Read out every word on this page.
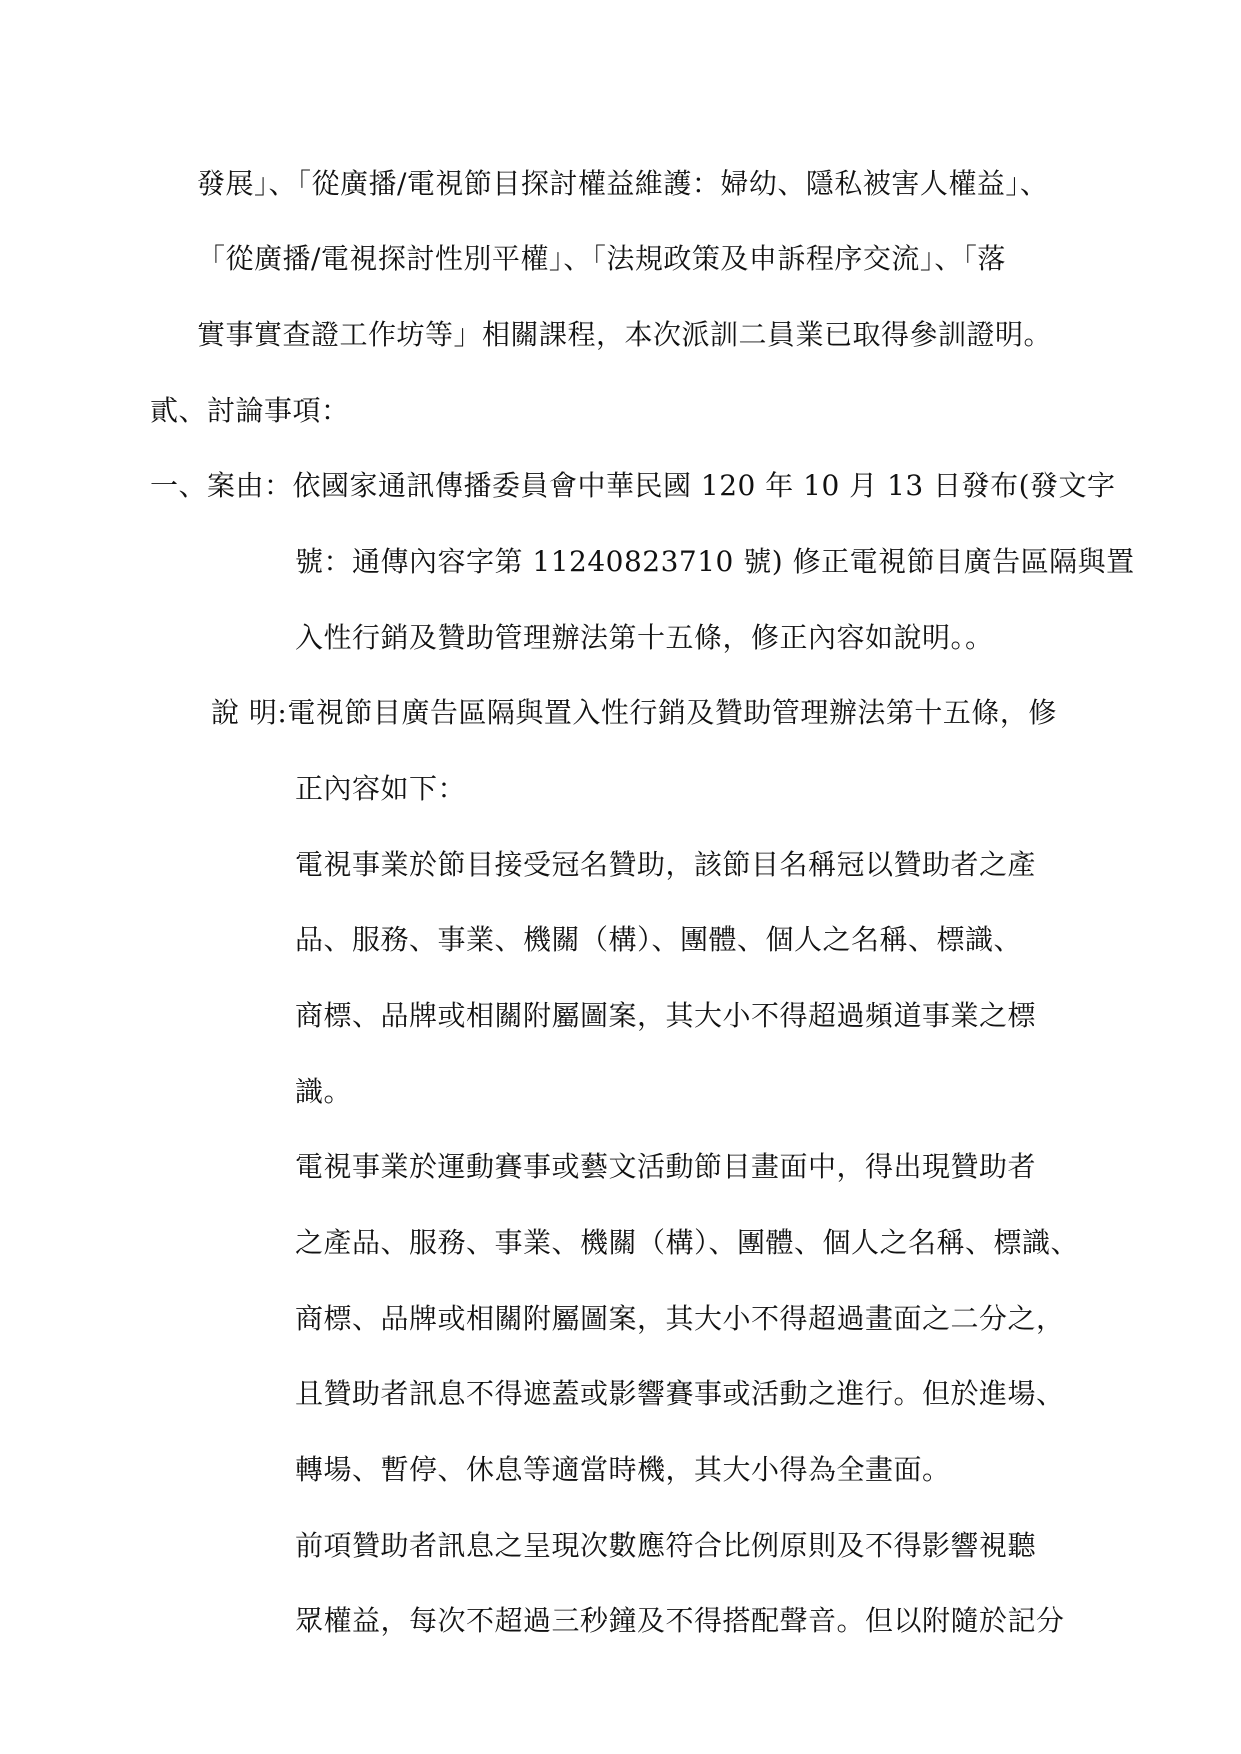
發展」、「從廣播/電視節目探討權益維護：婦幼、隱私被害人權益」、
「從廣播/電視探討性別平權」、「法規政策及申訴程序交流」、「落
實事實查證工作坊等」相關課程，本次派訓二員業已取得參訓證明。
貳、討論事項：
一、案由：依國家通訊傳播委員會中華民國 120 年 10 月 13 日發布(發文字
號：通傳內容字第 11240823710 號) 修正電視節目廣告區隔與置
入性行銷及贊助管理辦法第十五條，修正內容如說明。。
說 明:電視節目廣告區隔與置入性行銷及贊助管理辦法第十五條，修
正內容如下：
電視事業於節目接受冠名贊助，該節目名稱冠以贊助者之產
品、服務、事業、機關（構）、團體、個人之名稱、標識、
商標、品牌或相關附屬圖案，其大小不得超過頻道事業之標
識。
電視事業於運動賽事或藝文活動節目畫面中，得出現贊助者
之產品、服務、事業、機關（構）、團體、個人之名稱、標識、
商標、品牌或相關附屬圖案，其大小不得超過畫面之二分之，
且贊助者訊息不得遮蓋或影響賽事或活動之進行。但於進場、
轉場、暫停、休息等適當時機，其大小得為全畫面。
前項贊助者訊息之呈現次數應符合比例原則及不得影響視聽
眾權益，每次不超過三秒鐘及不得搭配聲音。但以附隨於記分
